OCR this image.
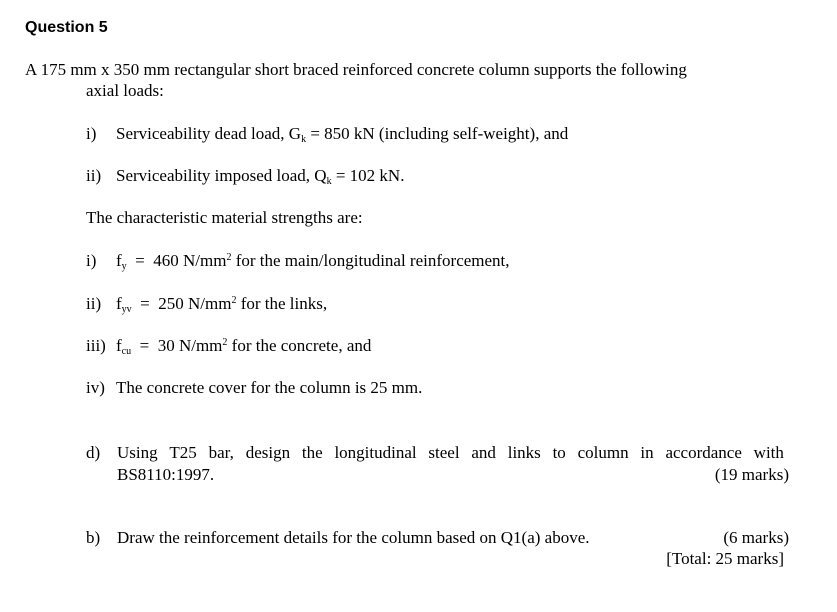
Question 5
A 175 mm x 350 mm rectangular short braced reinforced concrete column supports the following
axial loads:
i) Serviceability dead load, $G_k = 850$ kN (including self-weight), and
ii) Serviceability imposed load, $Q_k = 102$ kN.
The characteristic material strengths are:
i) $f_y = 460$ $N/mm^2$ for the main/longitudinal reinforcement,
ii) $f_{yv} = 250$ $N/mm^2$ for the links,
iii) $f_{cu} = 30$ $N/mm^2$ for the concrete, and
iv) The concrete cover for the column is 25 mm.
d) Using T25 bar, design the longitudinal steel and links to column in accordance with
BS8110:1997.	(19 marks)
b) Draw the reinforcement details for the column based on Q1(a) above.	(6 marks)
[Total: 25 marks]
